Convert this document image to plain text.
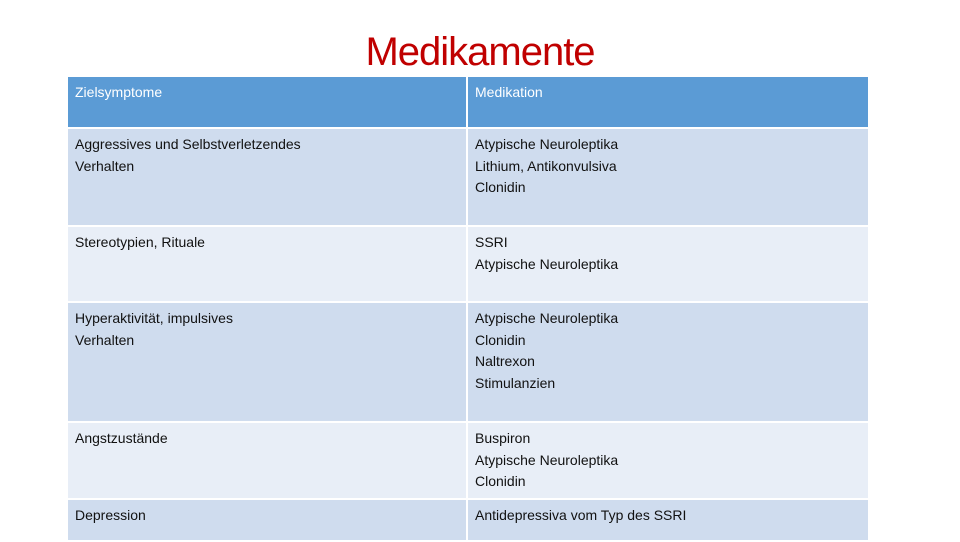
Medikamente
Zielsymptome	Medikation
Aggressives und Selbstverletzendes Verhalten	Atypische Neuroleptika
Lithium, Antikonvulsiva
Clonidin

Stereotypien, Rituale	SSRI
Atypische Neuroleptika

Hyperaktivität, impulsives Verhalten	Atypische Neuroleptika
Clonidin
Naltrexon
Stimulanzien

Angstzustände	Buspiron
Atypische Neuroleptika
Clonidin

Depression	Antidepressiva vom Typ des SSRI
